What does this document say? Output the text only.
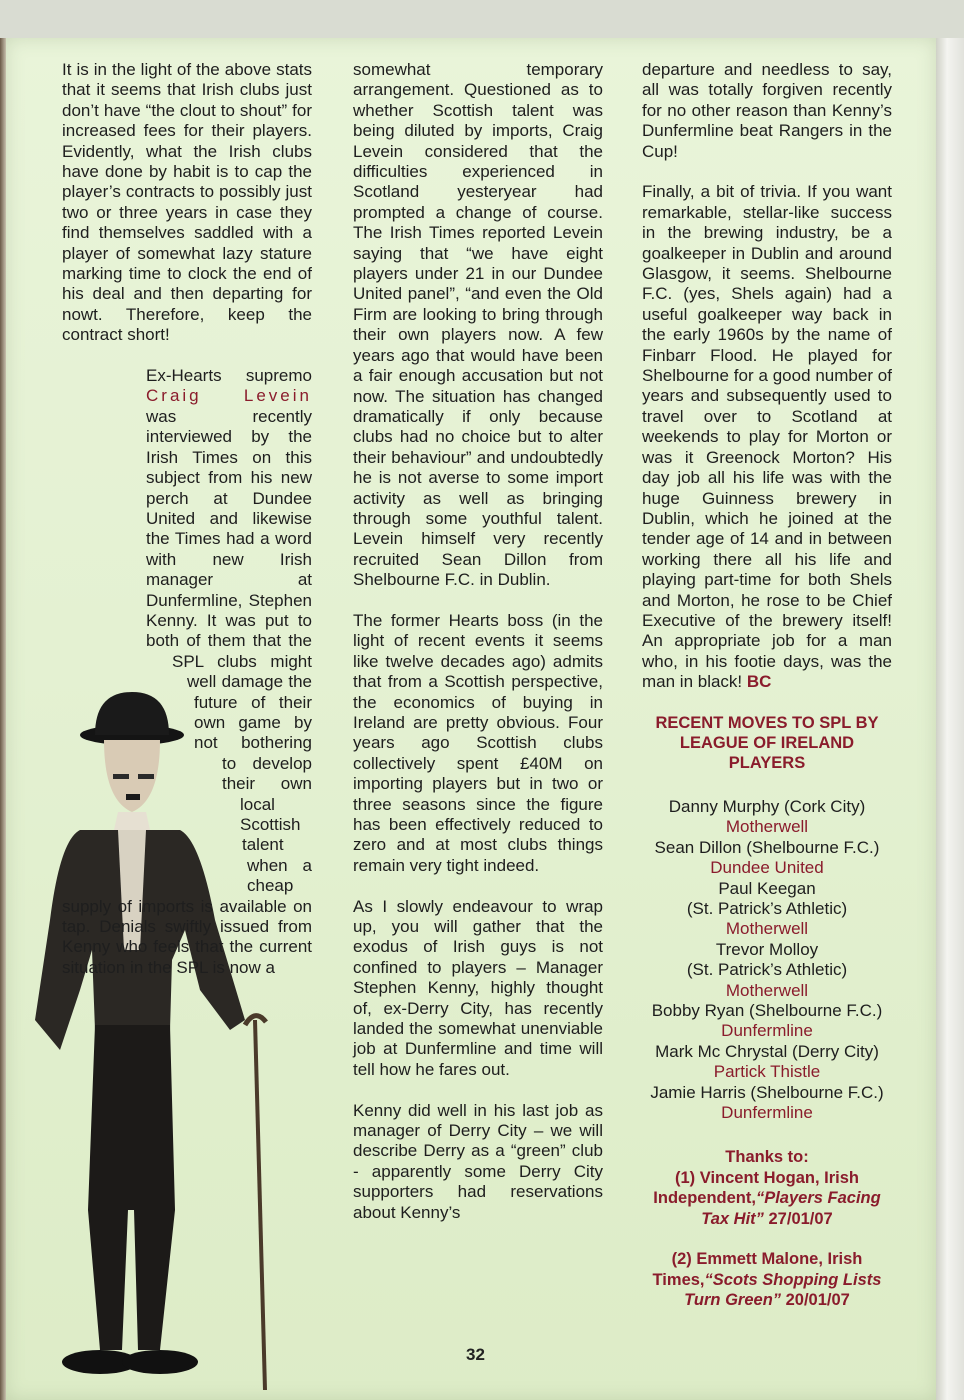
It is in the light of the above stats that it seems that Irish clubs just don’t have “the clout to shout” for increased fees for their players. Evidently, what the Irish clubs have done by habit is to cap the player’s contracts to possibly just two or three years in case they find themselves saddled with a player of somewhat lazy stature marking time to clock the end of his deal and then departing for nowt. Therefore, keep the contract short!

Ex-Hearts supremo Craig Levein was recently interviewed by the Irish Times on this subject from his new perch at Dundee United and likewise the Times had a word with new Irish manager at Dunfermline, Stephen Kenny. It was put to both of them that the SPL clubs might well damage the future of their own game by not bothering to develop their own local Scottish talent when a cheap supply of imports is available on tap. Denials swiftly issued from Kenny who feels that the current situation in the SPL is now a

somewhat temporary arrangement. Questioned as to whether Scottish talent was being diluted by imports, Craig Levein considered that the difficulties experienced in Scotland yesteryear had prompted a change of course. The Irish Times reported Levein saying that “we have eight players under 21 in our Dundee United panel”, “and even the Old Firm are looking to bring through their own players now. A few years ago that would have been a fair enough accusation but not now. The situation has changed dramatically if only because clubs had no choice but to alter their behaviour” and undoubtedly he is not averse to some import activity as well as bringing through some youthful talent. Levein himself very recently recruited Sean Dillon from Shelbourne F.C. in Dublin.

The former Hearts boss (in the light of recent events it seems like twelve decades ago) admits that from a Scottish perspective, the economics of buying in Ireland are pretty obvious. Four years ago Scottish clubs collectively spent £40M on importing players but in two or three seasons since the figure has been effectively reduced to zero and at most clubs things remain very tight indeed.

As I slowly endeavour to wrap up, you will gather that the exodus of Irish guys is not confined to players – Manager Stephen Kenny, highly thought of, ex-Derry City, has recently landed the somewhat unenviable job at Dunfermline and time will tell how he fares out.

Kenny did well in his last job as manager of Derry City – we will describe Derry as a “green” club - apparently some Derry City supporters had reservations about Kenny’s

departure and needless to say, all was totally forgiven recently for no other reason than Kenny’s Dunfermline beat Rangers in the Cup!

Finally, a bit of trivia. If you want remarkable, stellar-like success in the brewing industry, be a goalkeeper in Dublin and around Glasgow, it seems. Shelbourne F.C. (yes, Shels again) had a useful goalkeeper way back in the early 1960s by the name of Finbarr Flood. He played for Shelbourne for a good number of years and subsequently used to travel over to Scotland at weekends to play for Morton or was it Greenock Morton? His day job all his life was with the huge Guinness brewery in Dublin, which he joined at the tender age of 14 and in between working there all his life and playing part-time for both Shels and Morton, he rose to be Chief Executive of the brewery itself! An appropriate job for a man who, in his footie days, was the man in black! BC

RECENT MOVES TO SPL BY LEAGUE OF IRELAND PLAYERS
Danny Murphy (Cork City)
Motherwell
Sean Dillon (Shelbourne F.C.)
Dundee United
Paul Keegan
(St. Patrick’s Athletic)
Motherwell
Trevor Molloy
(St. Patrick’s Athletic)
Motherwell
Bobby Ryan (Shelbourne F.C.)
Dunfermline
Mark Mc Chrystal (Derry City)
Partick Thistle
Jamie Harris (Shelbourne F.C.)
Dunfermline
Thanks to:
(1) Vincent Hogan, Irish Independent,“Players Facing Tax Hit” 27/01/07
(2) Emmett Malone, Irish Times,“Scots Shopping Lists Turn Green” 20/01/07
32
